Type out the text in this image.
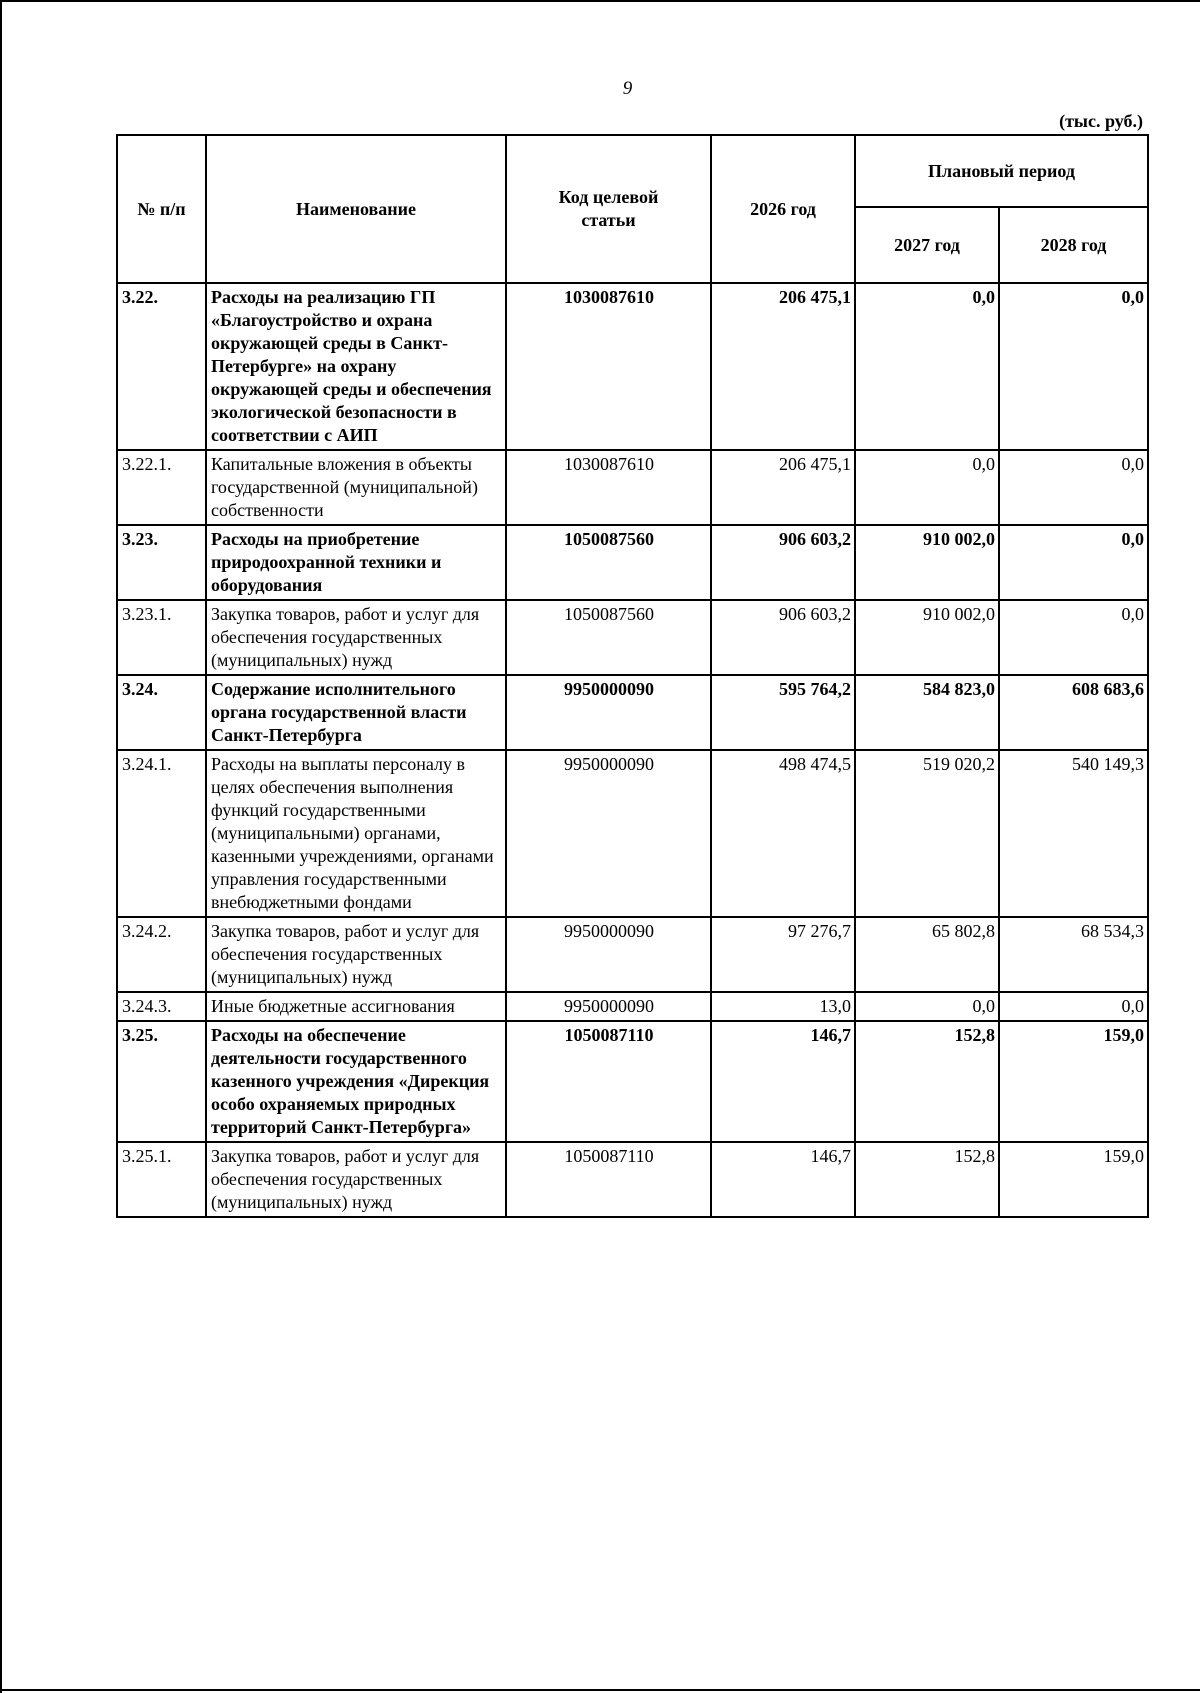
9
(тыс. руб.)
№ п/п	Наименование	Код целевой статьи	2026 год	Плановый период	
				2027 год	2028 год
3.22.	Расходы на реализацию ГП «Благоустройство и охрана окружающей среды в Санкт-Петербурге» на охрану окружающей среды и обеспечения экологической безопасности в соответствии с АИП	1030087610	206 475,1	0,0	0,0
3.22.1.	Капитальные вложения в объекты государственной (муниципальной) собственности	1030087610	206 475,1	0,0	0,0
3.23.	Расходы на приобретение природоохранной техники и оборудования	1050087560	906 603,2	910 002,0	0,0
3.23.1.	Закупка товаров, работ и услуг для обеспечения государственных (муниципальных) нужд	1050087560	906 603,2	910 002,0	0,0
3.24.	Содержание исполнительного органа государственной власти Санкт-Петербурга	9950000090	595 764,2	584 823,0	608 683,6
3.24.1.	Расходы на выплаты персоналу в целях обеспечения выполнения функций государственными (муниципальными) органами, казенными учреждениями, органами управления государственными внебюджетными фондами	9950000090	498 474,5	519 020,2	540 149,3
3.24.2.	Закупка товаров, работ и услуг для обеспечения государственных (муниципальных) нужд	9950000090	97 276,7	65 802,8	68 534,3
3.24.3.	Иные бюджетные ассигнования	9950000090	13,0	0,0	0,0
3.25.	Расходы на обеспечение деятельности государственного казенного учреждения «Дирекция особо охраняемых природных территорий Санкт-Петербурга»	1050087110	146,7	152,8	159,0
3.25.1.	Закупка товаров, работ и услуг для обеспечения государственных (муниципальных) нужд	1050087110	146,7	152,8	159,0
